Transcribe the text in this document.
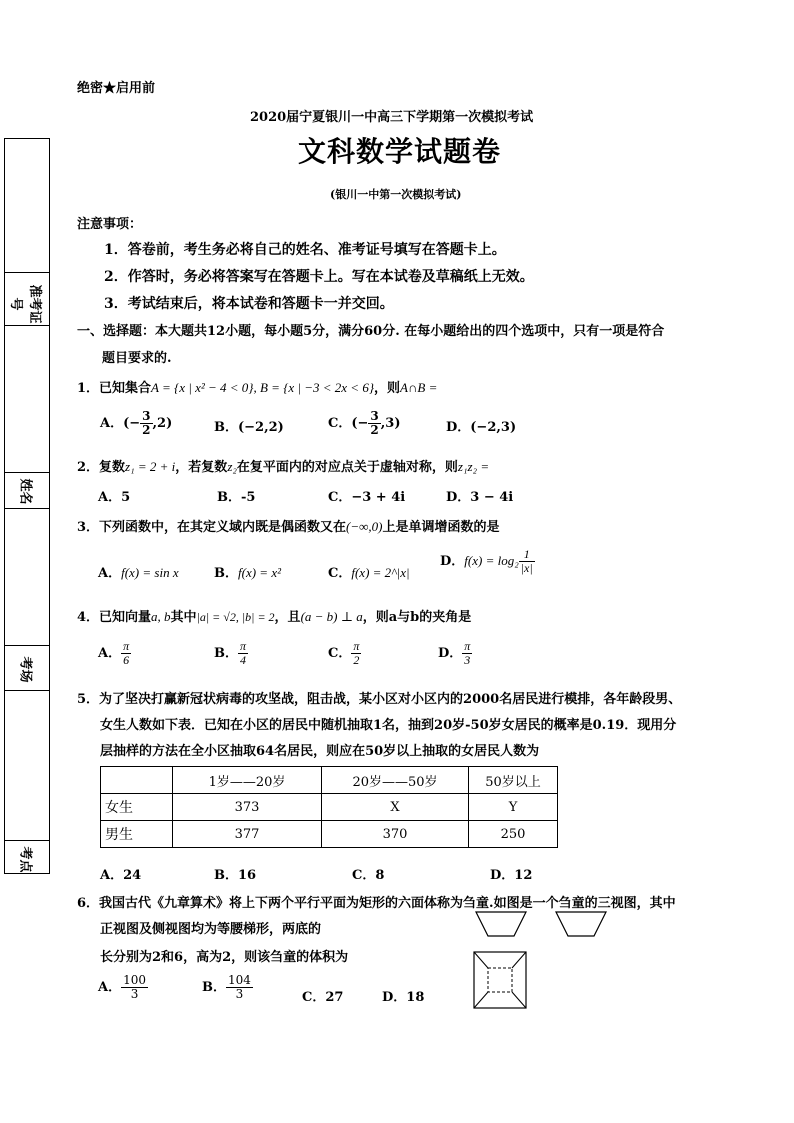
绝密★启用前
2020届宁夏银川一中高三下学期第一次模拟考试
文科数学试题卷
(银川一中第一次模拟考试)
准考证号
姓名
考场
考点
注意事项：
1．答卷前，考生务必将自己的姓名、准考证号填写在答题卡上。
2．作答时，务必将答案写在答题卡上。写在本试卷及草稿纸上无效。
3．考试结束后，将本试卷和答题卡一并交回。
一、选择题：本大题共12小题，每小题5分，满分60分. 在每小题给出的四个选项中，只有一项是符合
题目要求的.
1．已知集合A = {x | x² − 4 < 0}, B = {x | −3 < 2x < 6}，则A∩B =
A．(− $\frac{3}{2} ,2$)	B．(−2,2)	C．(− $\frac{3}{2} ,3$)	D．(−2,3)
2．复数z₁ = 2 + i，若复数z₂在复平面内的对应点关于虚轴对称，则z₁z₂ =
A．5	B．-5	C．−3 + 4i	D．3 − 4i
3．下列函数中，在其定义域内既是偶函数又在(−∞,0)上是单调增函数的是
A．f(x) = sin x	B．f(x) = x²	C．f(x) = 2^|x|
D．$f(x) = \log_2 \frac{1}{|x|}$
4．已知向量a, b其中|a| = √2, |b| = 2，且(a − b) ⊥ a，则a与b的夹角是
A． $\frac{\pi}{6}$	B． $\frac{\pi}{4}$	C． $\frac{\pi}{2}$	D． $\frac{\pi}{3}$
5．为了坚决打赢新冠状病毒的攻坚战，阻击战，某小区对小区内的2000名居民进行模排，各年龄段男、
女生人数如下表．已知在小区的居民中随机抽取1名，抽到20岁-50岁女居民的概率是0.19．现用分
层抽样的方法在全小区抽取64名居民，则应在50岁以上抽取的女居民人数为
	1岁——20岁	20岁——50岁	50岁以上
女生	373	X	Y
男生	377	370	250
A．24	B．16	C．8	D．12
6．我国古代《九章算术》将上下两个平行平面为矩形的六面体称为刍童.如图是一个刍童的三视图，其中
正视图及侧视图均为等腰梯形，两底的
长分别为2和6，高为2，则该刍童的体积为
A． $\frac{100}{3}$	B． $\frac{104}{3}$	C．27	D．18
